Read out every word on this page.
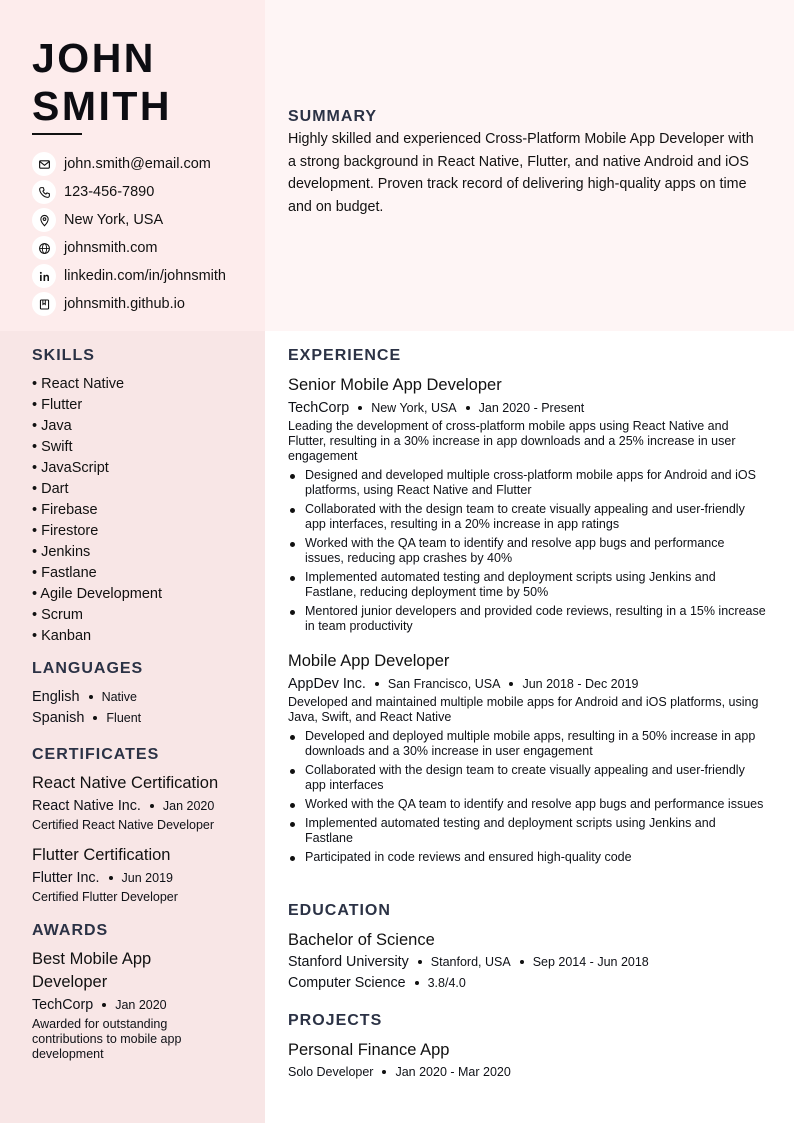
JOHN
SMITH
john.smith@email.com
123-456-7890
New York, USA
johnsmith.com
linkedin.com/in/johnsmith
johnsmith.github.io
SUMMARY

Highly skilled and experienced Cross-Platform Mobile App Developer with a strong background in React Native, Flutter, and native Android and iOS development. Proven track record of delivering high-quality apps on time and on budget.

SKILLS
• React Native
• Flutter
• Java
• Swift
• JavaScript
• Dart
• Firebase
• Firestore
• Jenkins
• Fastlane
• Agile Development
• Scrum
• Kanban
LANGUAGES
English Native
Spanish Fluent
CERTIFICATES
React Native Certification
React Native Inc. Jan 2020
Certified React Native Developer
Flutter Certification
Flutter Inc. Jun 2019
Certified Flutter Developer
AWARDS
Best Mobile App Developer
TechCorp Jan 2020
Awarded for outstanding contributions to mobile app development
EXPERIENCE
Senior Mobile App Developer
TechCorp New York, USA Jan 2020 - Present
Leading the development of cross-platform mobile apps using React Native and Flutter, resulting in a 30% increase in app downloads and a 25% increase in user engagement
Designed and developed multiple cross-platform mobile apps for Android and iOS platforms, using React Native and Flutter
Collaborated with the design team to create visually appealing and user-friendly app interfaces, resulting in a 20% increase in app ratings
Worked with the QA team to identify and resolve app bugs and performance issues, reducing app crashes by 40%
Implemented automated testing and deployment scripts using Jenkins and Fastlane, reducing deployment time by 50%
Mentored junior developers and provided code reviews, resulting in a 15% increase in team productivity
Mobile App Developer
AppDev Inc. San Francisco, USA Jun 2018 - Dec 2019
Developed and maintained multiple mobile apps for Android and iOS platforms, using Java, Swift, and React Native
Developed and deployed multiple mobile apps, resulting in a 50% increase in app downloads and a 30% increase in user engagement
Collaborated with the design team to create visually appealing and user-friendly app interfaces
Worked with the QA team to identify and resolve app bugs and performance issues
Implemented automated testing and deployment scripts using Jenkins and Fastlane
Participated in code reviews and ensured high-quality code
EDUCATION
Bachelor of Science
Stanford University Stanford, USA Sep 2014 - Jun 2018
Computer Science 3.8/4.0
PROJECTS
Personal Finance App
Solo Developer Jan 2020 - Mar 2020
